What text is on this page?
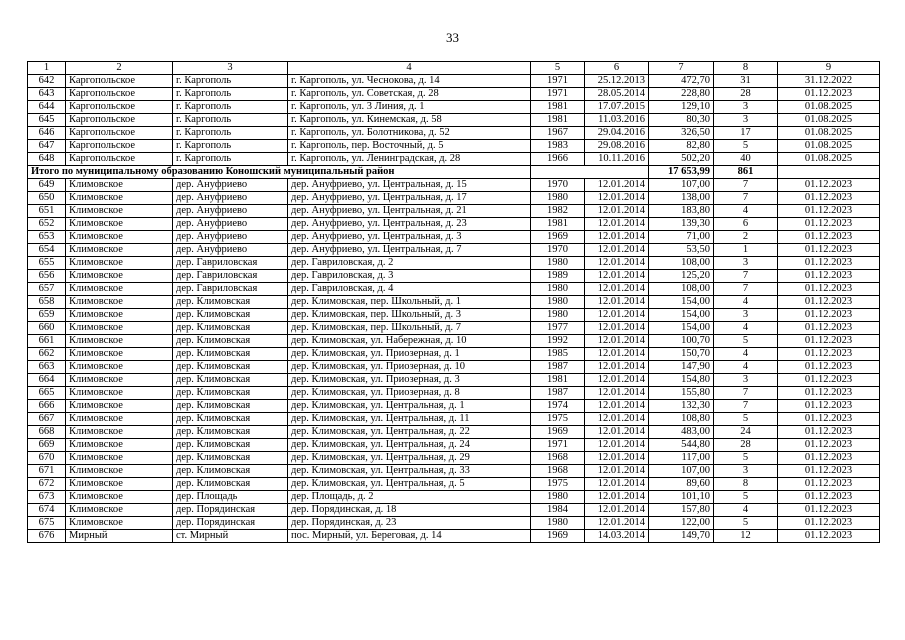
33
1	2	3	4	5	6	7	8	9
642	Каргопольское	г. Каргополь	г. Каргополь, ул. Чеснокова, д. 14	1971	25.12.2013	472,70	31	31.12.2022
643	Каргопольское	г. Каргополь	г. Каргополь, ул. Советская, д. 28	1971	28.05.2014	228,80	28	01.12.2023
644	Каргопольское	г. Каргополь	г. Каргополь, ул. 3 Линия, д. 1	1981	17.07.2015	129,10	3	01.08.2025
645	Каргопольское	г. Каргополь	г. Каргополь, ул. Кинемская, д. 58	1981	11.03.2016	80,30	3	01.08.2025
646	Каргопольское	г. Каргополь	г. Каргополь, ул. Болотникова, д. 52	1967	29.04.2016	326,50	17	01.08.2025
647	Каргопольское	г. Каргополь	г. Каргополь, пер. Восточный, д. 5	1983	29.08.2016	82,80	5	01.08.2025
648	Каргопольское	г. Каргополь	г. Каргополь, ул. Ленинградская, д. 28	1966	10.11.2016	502,20	40	01.08.2025
Итого по муниципальному образованию Коношский муниципальный район						17 653,99	861	
649	Климовское	дер. Ануфриево	дер. Ануфриево, ул. Центральная, д. 15	1970	12.01.2014	107,00	7	01.12.2023
650	Климовское	дер. Ануфриево	дер. Ануфриево, ул. Центральная, д. 17	1980	12.01.2014	138,00	7	01.12.2023
651	Климовское	дер. Ануфриево	дер. Ануфриево, ул. Центральная, д. 21	1982	12.01.2014	183,80	4	01.12.2023
652	Климовское	дер. Ануфриево	дер. Ануфриево, ул. Центральная, д. 23	1981	12.01.2014	139,30	6	01.12.2023
653	Климовское	дер. Ануфриево	дер. Ануфриево, ул. Центральная, д. 3	1969	12.01.2014	71,00	2	01.12.2023
654	Климовское	дер. Ануфриево	дер. Ануфриево, ул. Центральная, д. 7	1970	12.01.2014	53,50	1	01.12.2023
655	Климовское	дер. Гавриловская	дер. Гавриловская, д. 2	1980	12.01.2014	108,00	3	01.12.2023
656	Климовское	дер. Гавриловская	дер. Гавриловская, д. 3	1989	12.01.2014	125,20	7	01.12.2023
657	Климовское	дер. Гавриловская	дер. Гавриловская, д. 4	1980	12.01.2014	108,00	7	01.12.2023
658	Климовское	дер. Климовская	дер. Климовская, пер. Школьный, д. 1	1980	12.01.2014	154,00	4	01.12.2023
659	Климовское	дер. Климовская	дер. Климовская, пер. Школьный, д. 3	1980	12.01.2014	154,00	3	01.12.2023
660	Климовское	дер. Климовская	дер. Климовская, пер. Школьный, д. 7	1977	12.01.2014	154,00	4	01.12.2023
661	Климовское	дер. Климовская	дер. Климовская, ул. Набережная, д. 10	1992	12.01.2014	100,70	5	01.12.2023
662	Климовское	дер. Климовская	дер. Климовская, ул. Приозерная, д. 1	1985	12.01.2014	150,70	4	01.12.2023
663	Климовское	дер. Климовская	дер. Климовская, ул. Приозерная, д. 10	1987	12.01.2014	147,90	4	01.12.2023
664	Климовское	дер. Климовская	дер. Климовская, ул. Приозерная, д. 3	1981	12.01.2014	154,80	3	01.12.2023
665	Климовское	дер. Климовская	дер. Климовская, ул. Приозерная, д. 8	1987	12.01.2014	155,80	7	01.12.2023
666	Климовское	дер. Климовская	дер. Климовская, ул. Центральная, д. 1	1974	12.01.2014	132,30	7	01.12.2023
667	Климовское	дер. Климовская	дер. Климовская, ул. Центральная, д. 11	1975	12.01.2014	108,80	5	01.12.2023
668	Климовское	дер. Климовская	дер. Климовская, ул. Центральная, д. 22	1969	12.01.2014	483,00	24	01.12.2023
669	Климовское	дер. Климовская	дер. Климовская, ул. Центральная, д. 24	1971	12.01.2014	544,80	28	01.12.2023
670	Климовское	дер. Климовская	дер. Климовская, ул. Центральная, д. 29	1968	12.01.2014	117,00	5	01.12.2023
671	Климовское	дер. Климовская	дер. Климовская, ул. Центральная, д. 33	1968	12.01.2014	107,00	3	01.12.2023
672	Климовское	дер. Климовская	дер. Климовская, ул. Центральная, д. 5	1975	12.01.2014	89,60	8	01.12.2023
673	Климовское	дер. Площадь	дер. Площадь, д. 2	1980	12.01.2014	101,10	5	01.12.2023
674	Климовское	дер. Порядинская	дер. Порядинская, д. 18	1984	12.01.2014	157,80	4	01.12.2023
675	Климовское	дер. Порядинская	дер. Порядинская, д. 23	1980	12.01.2014	122,00	5	01.12.2023
676	Мирный	ст. Мирный	пос. Мирный, ул. Береговая, д. 14	1969	14.03.2014	149,70	12	01.12.2023
